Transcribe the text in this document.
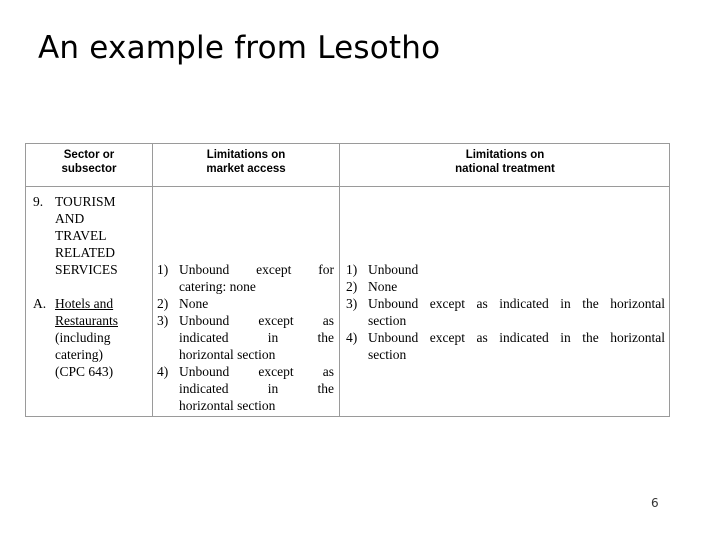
An example from Lesotho
Sector or
subsector
Limitations on
market access
Limitations on
national treatment
9. TOURISM
AND
TRAVEL
RELATED
SERVICES
A. Hotels and
Restaurants
(including
catering)
(CPC 643)
1) Unbound except for
catering: none
2) None
3) Unbound except as
indicated in the
horizontal section
4) Unbound except as
indicated in the
horizontal section
1) Unbound
2) None
3) Unbound except as indicated in the horizontal
section
4) Unbound except as indicated in the horizontal
section
6
